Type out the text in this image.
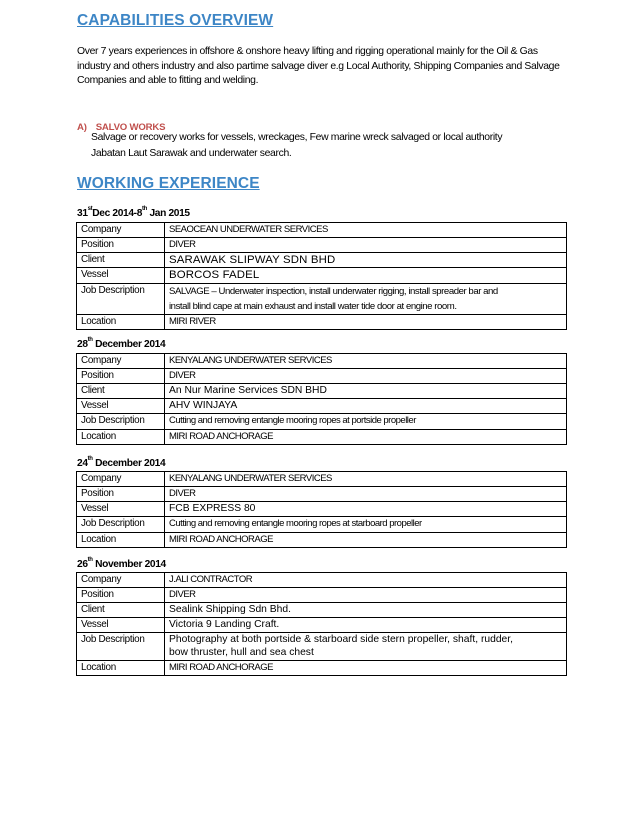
CAPABILITIES OVERVIEW
Over 7 years experiences in offshore & onshore heavy lifting and rigging operational mainly for the Oil & Gas industry and others industry and also partime salvage diver e.g Local Authority, Shipping Companies and Salvage Companies and able to fitting and welding.
A) SALVO WORKS
Salvage or recovery works for vessels, wreckages, Few marine wreck salvaged or local authority
Jabatan Laut Sarawak and underwater search.
WORKING EXPERIENCE
31stDec 2014-8th Jan 2015
Company	SEAOCEAN UNDERWATER SERVICES
Position	DIVER
Client	SARAWAK SLIPWAY SDN BHD
Vessel	BORCOS FADEL
Job Description	SALVAGE – Underwater inspection, install underwater rigging, install spreader bar and
install blind cape at main exhaust and install water tide door at engine room.

Location	MIRI RIVER
28th December 2014
Company	KENYALANG UNDERWATER SERVICES
Position	DIVER
Client	An Nur Marine Services SDN BHD
Vessel	AHV WINJAYA
Job Description	Cutting and removing entangle mooring ropes at portside propeller
Location	MIRI ROAD ANCHORAGE
24th December 2014
Company	KENYALANG UNDERWATER SERVICES
Position	DIVER
Vessel	FCB EXPRESS 80
Job Description	Cutting and removing entangle mooring ropes at starboard propeller
Location	MIRI ROAD ANCHORAGE
26th November 2014
Company	J.ALI CONTRACTOR
Position	DIVER
Client	Sealink Shipping Sdn Bhd.
Vessel	Victoria 9 Landing Craft.
Job Description	Photography at both portside & starboard side stern propeller, shaft, rudder,
bow thruster, hull and sea chest

Location	MIRI ROAD ANCHORAGE
